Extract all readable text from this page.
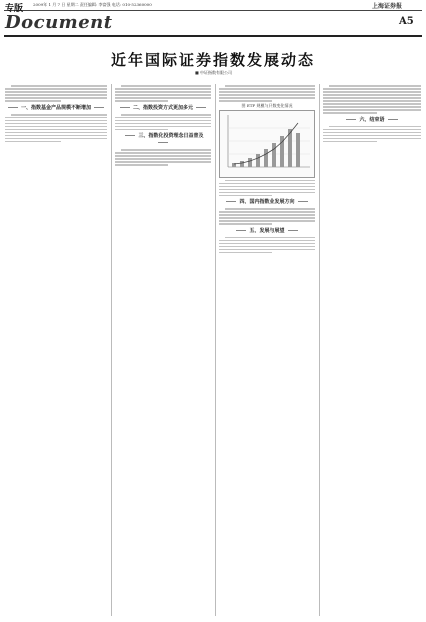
专版 2009年 1 月 7 日 星期二 责任编辑: 李富强 电话: 010-52360000
Document
上海证券报
A5
近年国际证券指数发展动态
■ 中证指数有限公司
一、指数基金产品规模不断增加	二、指数投资方式更加多元
三、指数化投资理念日益普及
图 ETF 规模与只数变化情况
四、国内指数业发展方向
五、发展与展望
六、结束语
